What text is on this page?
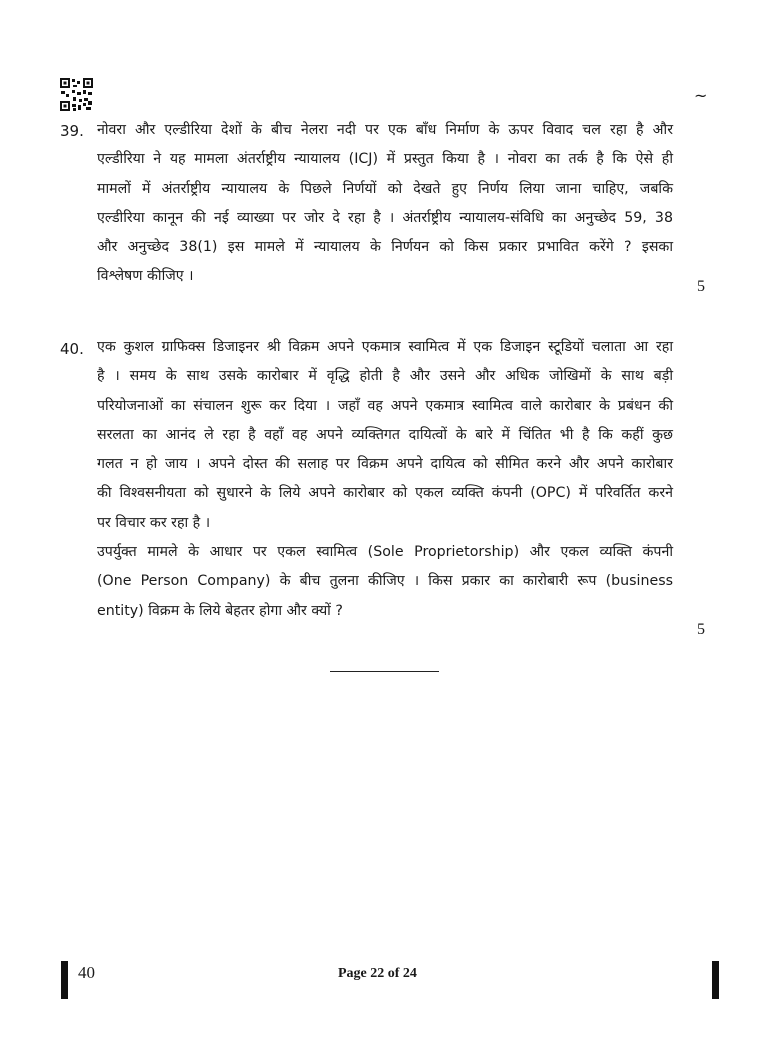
~
39. नोवरा और एल्डीरिया देशों के बीच नेलरा नदी पर एक बाँध निर्माण के ऊपर विवाद चल रहा है और

एल्डीरिया ने यह मामला अंतर्राष्ट्रीय न्यायालय (ICJ) में प्रस्तुत किया है । नोवरा का तर्क है कि ऐसे ही

मामलों में अंतर्राष्ट्रीय न्यायालय के पिछले निर्णयों को देखते हुए निर्णय लिया जाना चाहिए, जबकि

एल्डीरिया कानून की नई व्याख्या पर जोर दे रहा है । अंतर्राष्ट्रीय न्यायालय-संविधि का अनुच्छेद 59, 38

और अनुच्छेद 38(1) इस मामले में न्यायालय के निर्णयन को किस प्रकार प्रभावित करेंगे ? इसका

विश्लेषण कीजिए ।

5
40. एक कुशल ग्राफिक्स डिजाइनर श्री विक्रम अपने एकमात्र स्वामित्व में एक डिजाइन स्टूडियों चलाता आ रहा

है । समय के साथ उसके कारोबार में वृद्धि होती है और उसने और अधिक जोखिमों के साथ बड़ी

परियोजनाओं का संचालन शुरू कर दिया । जहाँ वह अपने एकमात्र स्वामित्व वाले कारोबार के प्रबंधन की

सरलता का आनंद ले रहा है वहाँ वह अपने व्यक्तिगत दायित्वों के बारे में चिंतित भी है कि कहीं कुछ

गलत न हो जाय । अपने दोस्त की सलाह पर विक्रम अपने दायित्व को सीमित करने और अपने कारोबार

की विश्वसनीयता को सुधारने के लिये अपने कारोबार को एकल व्यक्ति कंपनी (OPC) में परिवर्तित करने

पर विचार कर रहा है ।

उपर्युक्त मामले के आधार पर एकल स्वामित्व (Sole Proprietorship) और एकल व्यक्ति कंपनी

(One Person Company) के बीच तुलना कीजिए । किस प्रकार का कारोबारी रूप (business

entity) विक्रम के लिये बेहतर होगा और क्यों ?

5
40	Page 22 of 24
